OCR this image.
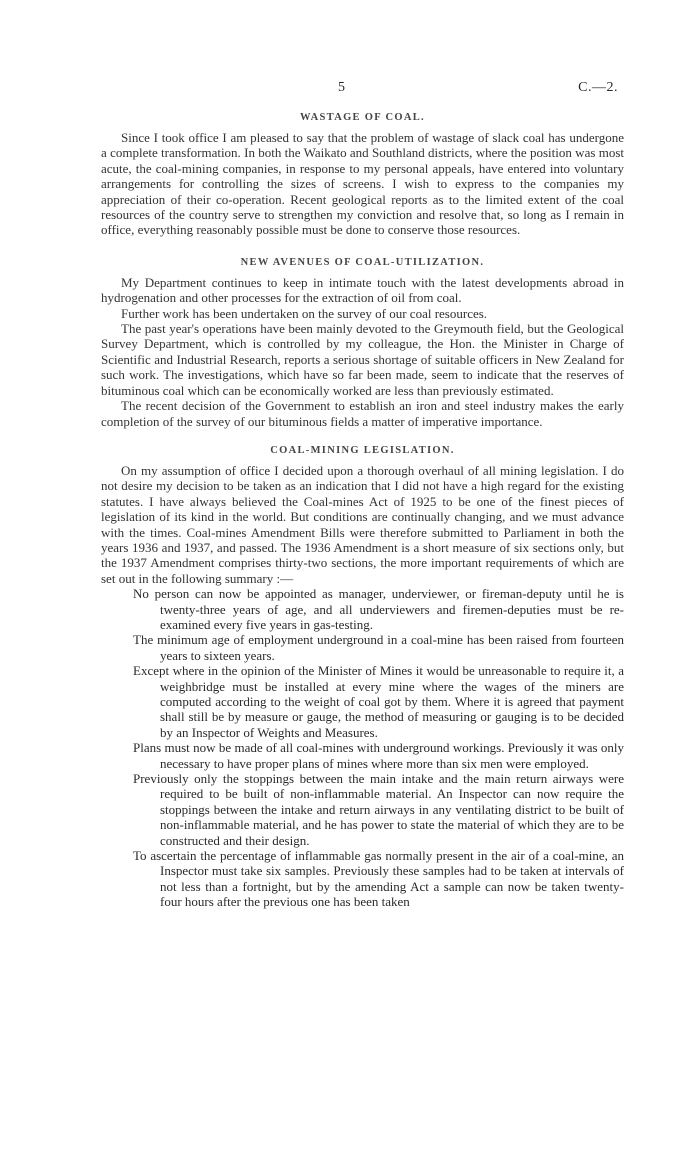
5	C.—2.
WASTAGE OF COAL.

Since I took office I am pleased to say that the problem of wastage of slack coal has undergone a complete transformation. In both the Waikato and Southland districts, where the position was most acute, the coal-mining companies, in response to my personal appeals, have entered into voluntary arrangements for controlling the sizes of screens. I wish to express to the companies my appreciation of their co-operation. Recent geological reports as to the limited extent of the coal resources of the country serve to strengthen my conviction and resolve that, so long as I remain in office, everything reasonably possible must be done to conserve those resources.

NEW AVENUES OF COAL-UTILIZATION.

My Department continues to keep in intimate touch with the latest developments abroad in hydrogenation and other processes for the extraction of oil from coal.

Further work has been undertaken on the survey of our coal resources.

The past year's operations have been mainly devoted to the Greymouth field, but the Geological Survey Department, which is controlled by my colleague, the Hon. the Minister in Charge of Scientific and Industrial Research, reports a serious shortage of suitable officers in New Zealand for such work. The investigations, which have so far been made, seem to indicate that the reserves of bituminous coal which can be economically worked are less than previously estimated.

The recent decision of the Government to establish an iron and steel industry makes the early completion of the survey of our bituminous fields a matter of imperative importance.

COAL-MINING LEGISLATION.

On my assumption of office I decided upon a thorough overhaul of all mining legislation. I do not desire my decision to be taken as an indication that I did not have a high regard for the existing statutes. I have always believed the Coal-mines Act of 1925 to be one of the finest pieces of legislation of its kind in the world. But conditions are continually changing, and we must advance with the times. Coal-mines Amendment Bills were therefore submitted to Parliament in both the years 1936 and 1937, and passed. The 1936 Amendment is a short measure of six sections only, but the 1937 Amendment comprises thirty-two sections, the more important requirements of which are set out in the following summary :—

No person can now be appointed as manager, underviewer, or fireman-deputy until he is twenty-three years of age, and all underviewers and firemen-deputies must be re-examined every five years in gas-testing.
The minimum age of employment underground in a coal-mine has been raised from fourteen years to sixteen years.
Except where in the opinion of the Minister of Mines it would be unreasonable to require it, a weighbridge must be installed at every mine where the wages of the miners are computed according to the weight of coal got by them. Where it is agreed that payment shall still be by measure or gauge, the method of measuring or gauging is to be decided by an Inspector of Weights and Measures.
Plans must now be made of all coal-mines with underground workings. Previously it was only necessary to have proper plans of mines where more than six men were employed.
Previously only the stoppings between the main intake and the main return airways were required to be built of non-inflammable material. An Inspector can now require the stoppings between the intake and return airways in any ventilating district to be built of non-inflammable material, and he has power to state the material of which they are to be constructed and their design.
To ascertain the percentage of inflammable gas normally present in the air of a coal-mine, an Inspector must take six samples. Previously these samples had to be taken at intervals of not less than a fortnight, but by the amending Act a sample can now be taken twenty-four hours after the previous one has been taken
